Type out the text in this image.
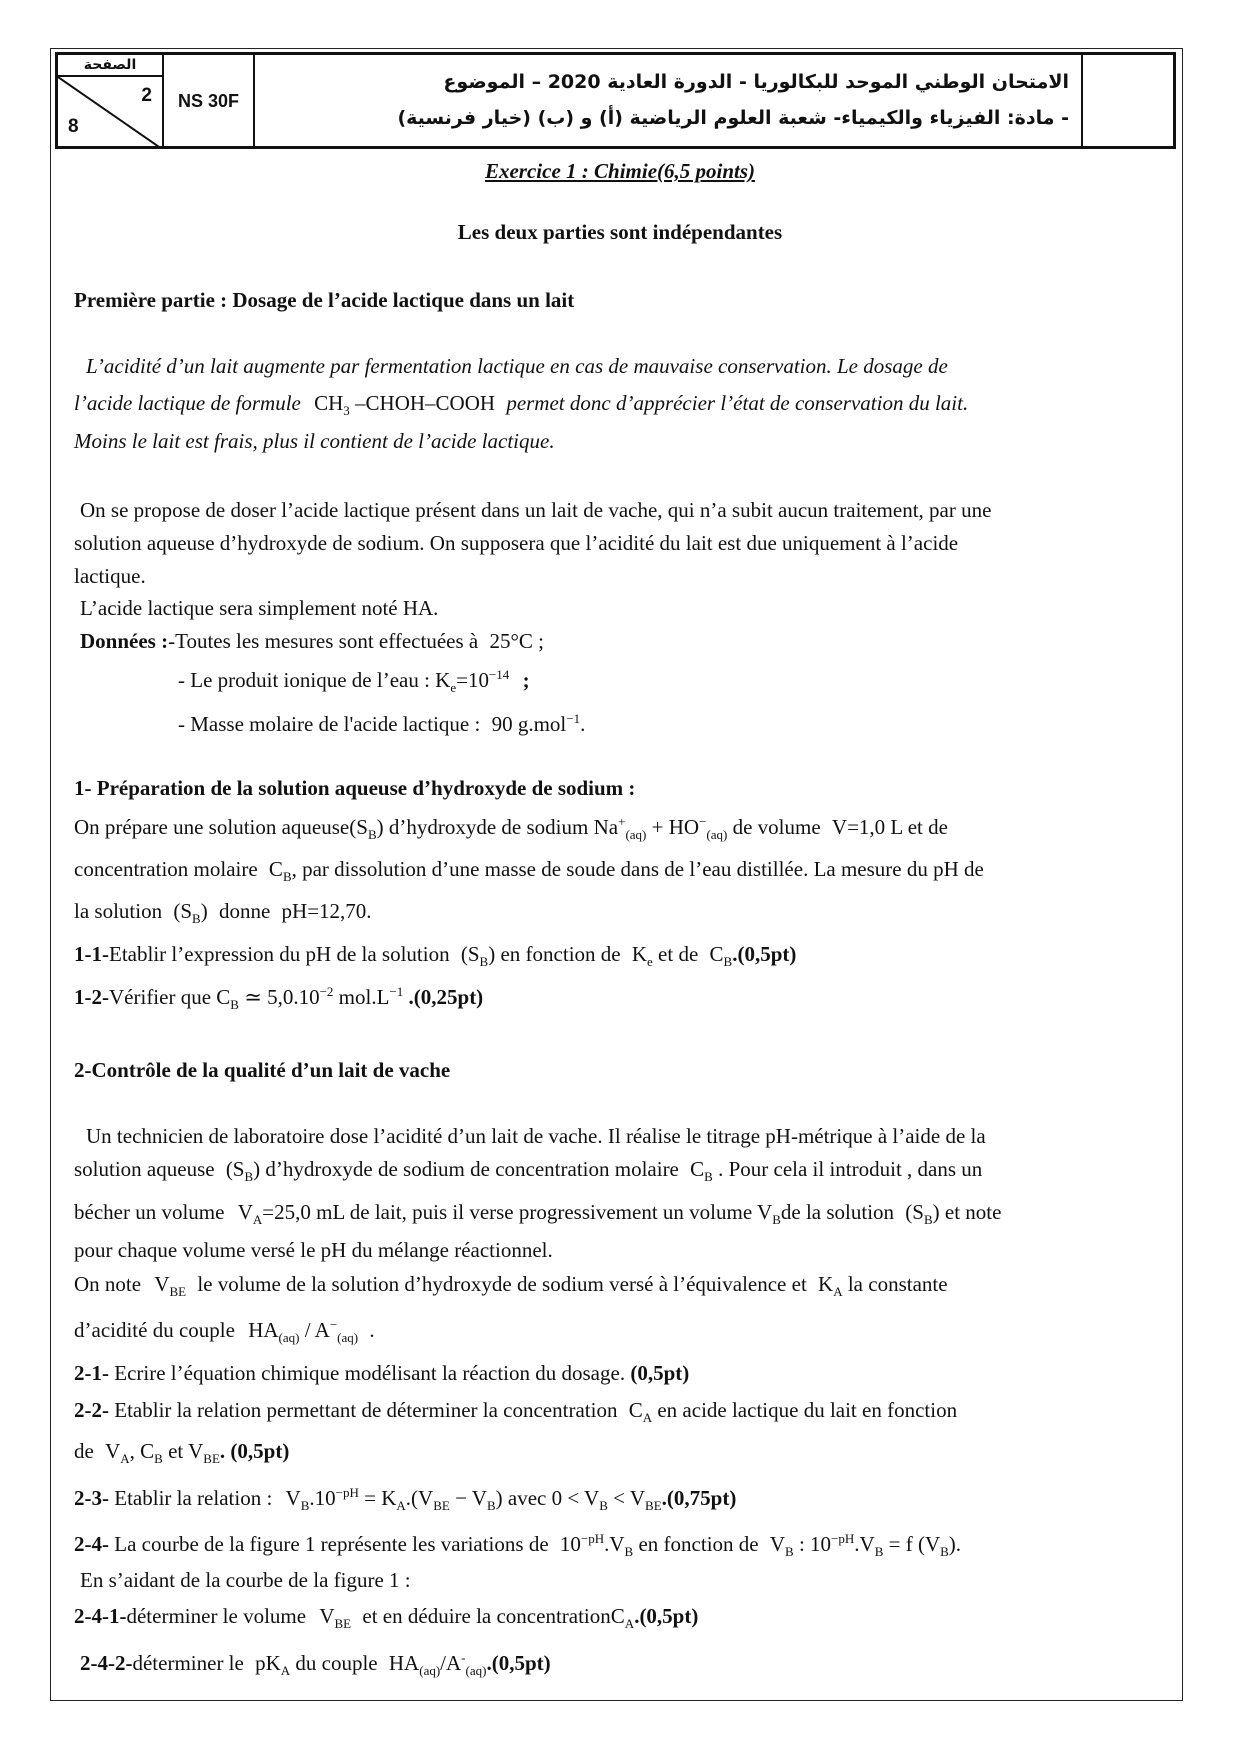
الصفحة
2
8
NS 30F
الامتحان الوطني الموحد للبكالوريا - الدورة العادية 2020 – الموضوع
- مادة: الفيزياء والكيمياء- شعبة العلوم الرياضية (أ) و (ب) (خيار فرنسية)
Exercice 1 : Chimie(6,5 points)
Les deux parties sont indépendantes
Première partie : Dosage de l’acide lactique dans un lait
L’acidité d’un lait augmente par fermentation lactique en cas de mauvaise conservation. Le dosage de
l’acide lactique de formule $CH_3$ –CHOH–COOH permet donc d’apprécier l’état de conservation du lait.
Moins le lait est frais, plus il contient de l’acide lactique.
On se propose de doser l’acide lactique présent dans un lait de vache, qui n’a subit aucun traitement, par une
solution aqueuse d’hydroxyde de sodium. On supposera que l’acidité du lait est due uniquement à l’acide
lactique.
L’acide lactique sera simplement noté HA.
Données :-Toutes les mesures sont effectuées à 25°C ;
- Le produit ionique de l’eau : $K_e=10^{-14}$ ;
- Masse molaire de l'acide lactique : 90 g.mol$^{-1}$.
1- Préparation de la solution aqueuse d’hydroxyde de sodium :
On prépare une solution $aqueuse(S_B)$ d’hydroxyde de sodium $Na^+_{(aq)} + HO^-_{(aq)}$ de volume V=1,0 L et de
concentration molaire $C_B$, par dissolution d’une masse de soude dans de l’eau distillée. La mesure du pH de
la solution $(S_B)$ donne pH=12,70.
1-1-Etablir l’expression du pH de la solution $(S_B)$ en fonction de $K_e$ et de $C_B.(0,5pt)$
1-2-Vérifier que $C_B$ ≃ $5,0.10^{-2}$ $mol.L^{-1}$ .(0,25pt)
2-Contrôle de la qualité d’un lait de vache
Un technicien de laboratoire dose l’acidité d’un lait de vache. Il réalise le titrage pH-métrique à l’aide de la
solution aqueuse $(S_B)$ d’hydroxyde de sodium de concentration molaire $C_B$ . Pour cela il introduit , dans un
bécher un volume $V_A=25,0$ mL de lait, puis il verse progressivement un volume $V_Bde$ la solution $(S_B)$ et note
pour chaque volume versé le pH du mélange réactionnel.
On note $V_{BE}$ le volume de la solution d’hydroxyde de sodium versé à l’équivalence et $K_A$ la constante
d’acidité du couple $HA_{(aq)} / A^-_{(aq)}$ .
2-1- Ecrire l’équation chimique modélisant la réaction du dosage. (0,5pt)
2-2- Etablir la relation permettant de déterminer la concentration $C_A$ en acide lactique du lait en fonction
de $V_A$, $C_B$ et $V_{BE}$. (0,5pt)
2-3- Etablir la relation : $V_B.10^{-pH} = K_A.(V_{BE} - V_B)$ avec $0 < V_B < V_{BE}.(0,75pt)$
2-4- La courbe de la figure 1 représente les variations de $10^{-pH}.V_B$ en fonction de $V_B$ : $10^{-pH}.V_B = f$ $(V_B)$.
En s’aidant de la courbe de la figure 1 :
2-4-1-déterminer le volume $V_{BE}$ et en déduire la concentrationC$_A$.(0,5pt)
2-4-2-déterminer le $pK_A$ du couple $HA_{(aq)}/A^-_{(aq)}.(0,5pt)$
